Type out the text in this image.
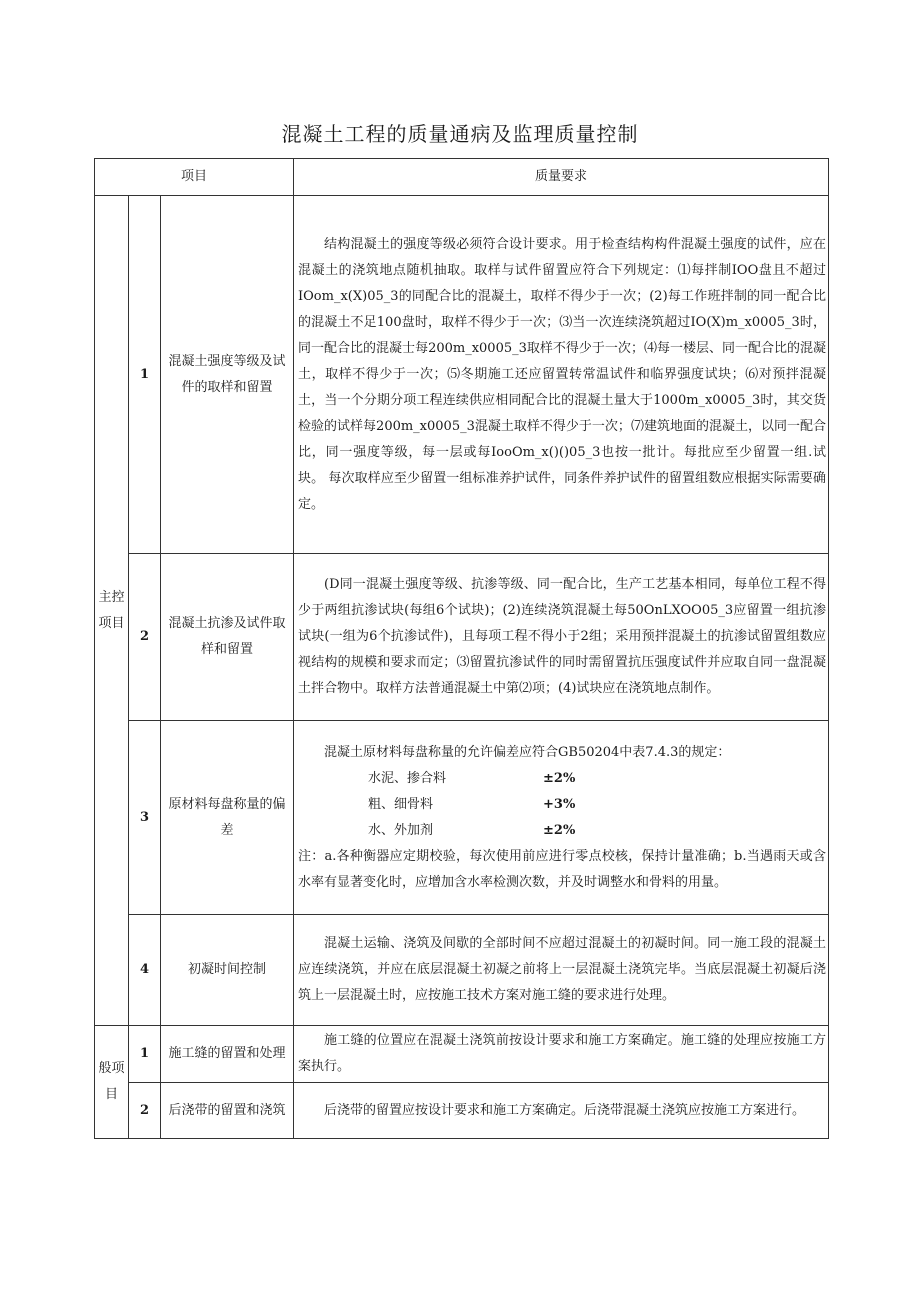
混凝土工程的质量通病及监理质量控制
项目			质量要求
主控项目	1	混凝土强度等级及试件的取样和留置	结构混凝土的强度等级必须符合设计要求。用于检查结构构件混凝土强度的试件，应在混凝土的浇筑地点随机抽取。取样与试件留置应符合下列规定：⑴每拌制IOO盘且不超过IOom_x(X)05_3的同配合比的混凝土，取样不得少于一次；(2)每工作班拌制的同一配合比的混凝土不足100盘时，取样不得少于一次；⑶当一次连续浇筑超过IO(X)m_x0005_3时，同一配合比的混凝士每200m_x0005_3取样不得少于一次；⑷每一楼层、同一配合比的混凝土，取样不得少于一次；⑸冬期施工还应留置转常温试件和临界强度试块；⑹对预拌混凝土，当一个分期分项工程连续供应相同配合比的混凝土量大于1000m_x0005_3时，其交货检验的试样每200m_x0005_3混凝土取样不得少于一次；⑺建筑地面的混凝土，以同一配合比，同一强度等级，每一层或每IooOm_x()()05_3也按一批计。每批应至少留置一组.试块。 每次取样应至少留置一组标准养护试件，同条件养护试件的留置组数应根据实际需要确定。

	2	混凝土抗渗及试件取样和留置	(D同一混凝土强度等级、抗渗等级、同一配合比，生产工艺基本相同，每单位工程不得少于两组抗渗试块(每组6个试块)；(2)连续浇筑混凝土每50OnLXOO05_3应留置一组抗渗试块(一组为6个抗渗试件)，且每项工程不得小于2组；采用预拌混凝土的抗渗试留置组数应视结构的规模和要求而定；⑶留置抗渗试件的同时需留置抗压强度试件并应取自同一盘混凝土拌合物中。取样方法普通混凝土中第⑵项；(4)试块应在浇筑地点制作。

	3	原材料每盘称量的偏差	混凝土原材料每盘称量的允许偏差应符合GB50204中表7.4.3的规定：

水泥、掺合料 ±2%
粗、细骨料 +3%
水、外加剂 ±2%

注：a.各种衡器应定期校验，每次使用前应进行零点校核，保持计量准确；b.当遇雨天或含水率有显著变化时，应增加含水率检测次数，并及时调整水和骨料的用量。

	4	初凝时间控制	混凝土运输、浇筑及间歇的全部时间不应超过混凝土的初凝时间。同一施工段的混凝土应连续浇筑，并应在底层混凝土初凝之前将上一层混凝土浇筑完毕。当底层混凝土初凝后浇筑上一层混凝土时，应按施工技术方案对施工缝的要求进行处理。

般项目	1	施工缝的留置和处理	施工缝的位置应在混凝土浇筑前按设计要求和施工方案确定。施工缝的处理应按施工方案执行。

	2	后浇带的留置和浇筑	后浇带的留置应按设计要求和施工方案确定。后浇带混凝土浇筑应按施工方案进行。
